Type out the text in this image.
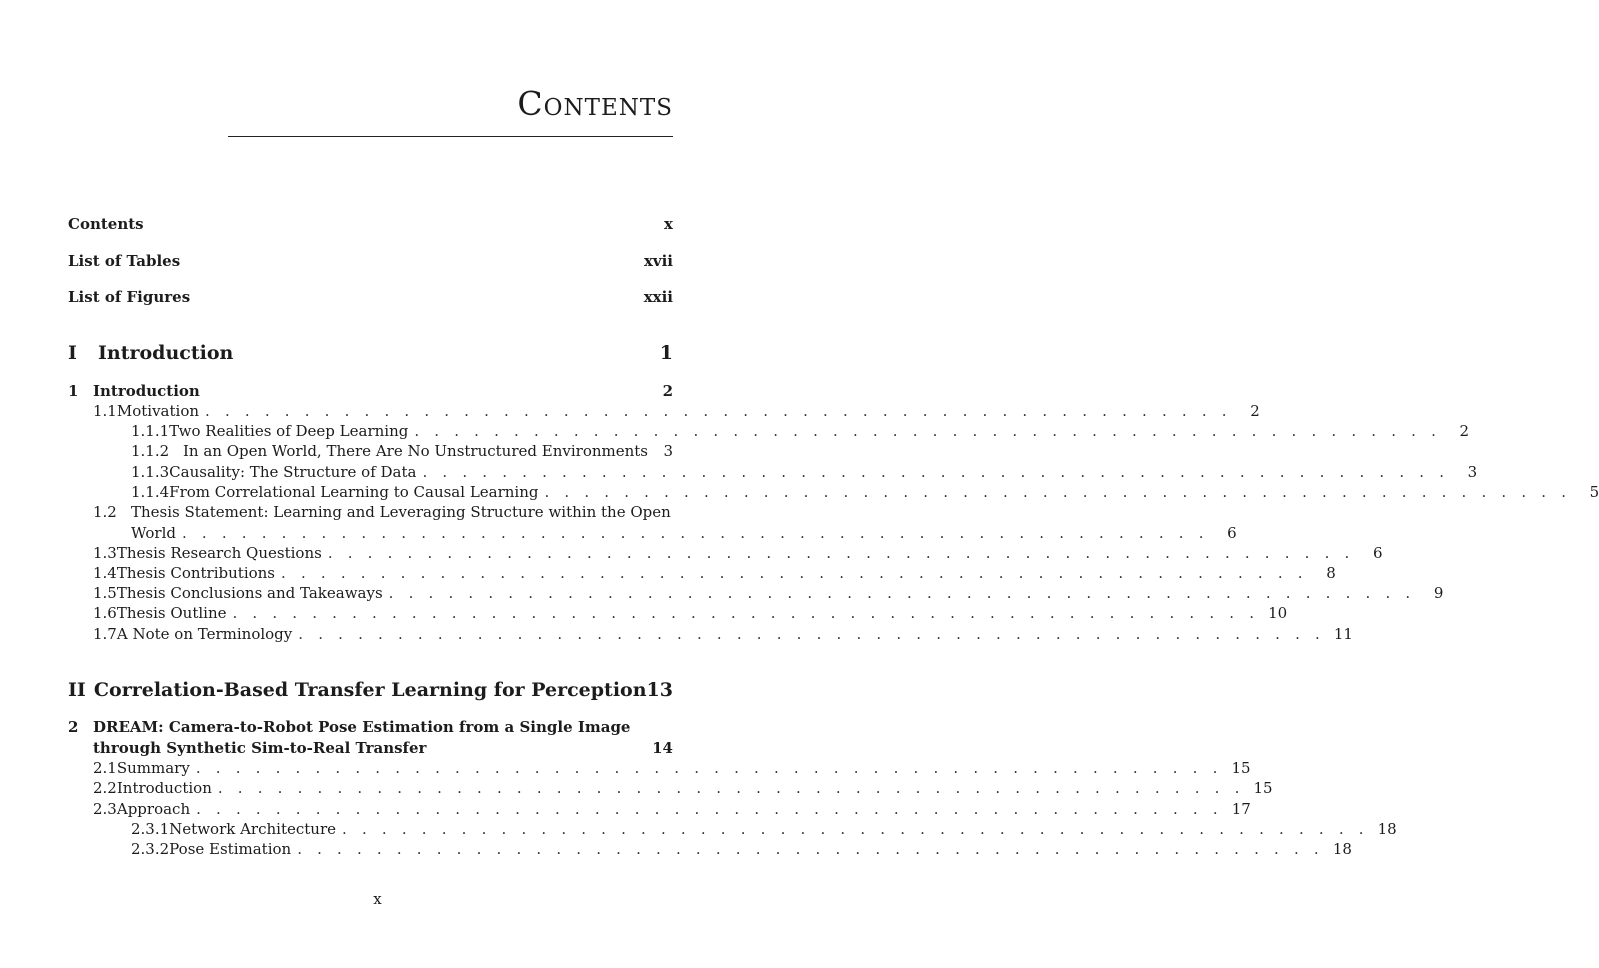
Contents
Contents	x
List of Tables	xvii
List of Figures	xxii
I	Introduction	1
1 Introduction	2
1.1 Motivation . . . . . . . . . . . . . . . . . . . . . . . . . . . . . . . . . . . . . . . . . . . . . . . . . . . .	2
1.1.1 Two Realities of Deep Learning . . . . . . . . . . . . . . . . . . . . . . . . . . . . . . . . . . . . . . . . . . . . . . . . . . . .	2
1.1.2 In an Open World, There Are No Unstructured Environments	3
1.1.3 Causality: The Structure of Data . . . . . . . . . . . . . . . . . . . . . . . . . . . . . . . . . . . . . . . . . . . . . . . . . . . .	3
1.1.4 From Correlational Learning to Causal Learning . . . . . . . . . . . . . . . . . . . . . . . . . . . . . . . . . . . . . . . . . . . . . . . . . . . .	5
1.2 Thesis Statement: Learning and Leveraging Structure within the Open
World . . . . . . . . . . . . . . . . . . . . . . . . . . . . . . . . . . . . . . . . . . . . . . . . . . . .	6
1.3 Thesis Research Questions . . . . . . . . . . . . . . . . . . . . . . . . . . . . . . . . . . . . . . . . . . . . . . . . . . . .	6
1.4 Thesis Contributions . . . . . . . . . . . . . . . . . . . . . . . . . . . . . . . . . . . . . . . . . . . . . . . . . . . .	8
1.5 Thesis Conclusions and Takeaways . . . . . . . . . . . . . . . . . . . . . . . . . . . . . . . . . . . . . . . . . . . . . . . . . . . .	9
1.6 Thesis Outline . . . . . . . . . . . . . . . . . . . . . . . . . . . . . . . . . . . . . . . . . . . . . . . . . . . . 10
1.7 A Note on Terminology . . . . . . . . . . . . . . . . . . . . . . . . . . . . . . . . . . . . . . . . . . . . . . . . . . . . 11
II Correlation-Based Transfer Learning for Perception 13
2 DREAM: Camera-to-Robot Pose Estimation from a Single Image
through Synthetic Sim-to-Real Transfer	14
2.1 Summary . . . . . . . . . . . . . . . . . . . . . . . . . . . . . . . . . . . . . . . . . . . . . . . . . . . . 15
2.2 Introduction . . . . . . . . . . . . . . . . . . . . . . . . . . . . . . . . . . . . . . . . . . . . . . . . . . . . 15
2.3 Approach . . . . . . . . . . . . . . . . . . . . . . . . . . . . . . . . . . . . . . . . . . . . . . . . . . . . 17
2.3.1 Network Architecture . . . . . . . . . . . . . . . . . . . . . . . . . . . . . . . . . . . . . . . . . . . . . . . . . . . . 18
2.3.2 Pose Estimation . . . . . . . . . . . . . . . . . . . . . . . . . . . . . . . . . . . . . . . . . . . . . . . . . . . . 18
x
